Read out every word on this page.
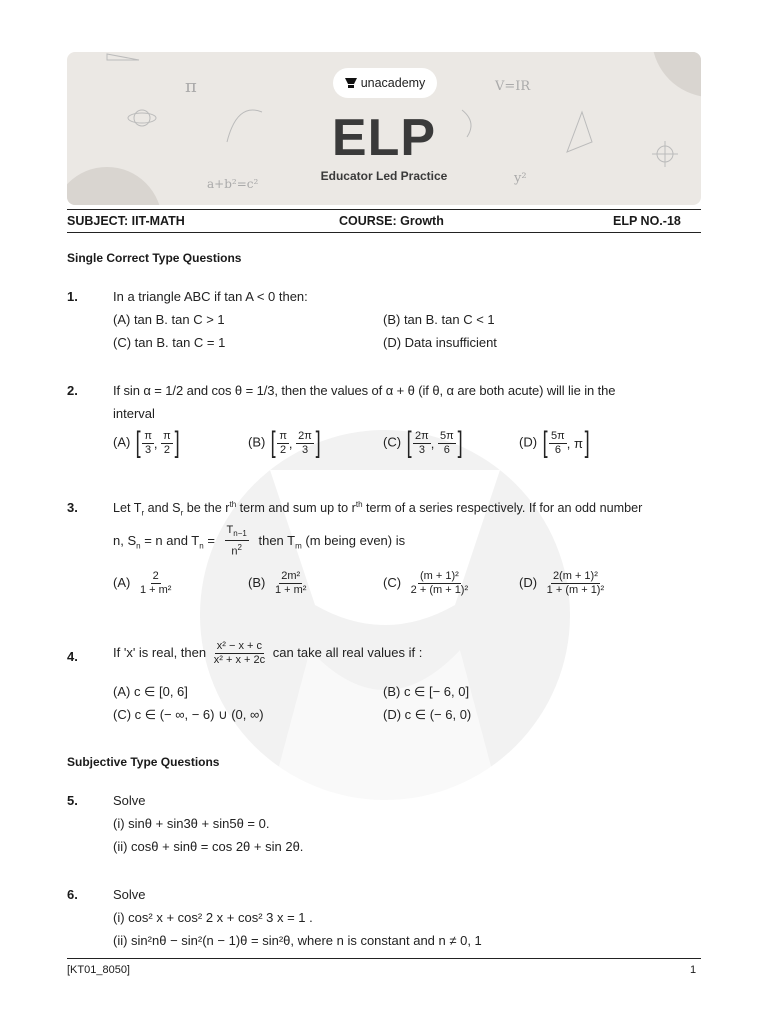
π	V=IR
a+b²=c²	y²
unacademy
ELP
Educator Led Practice
SUBJECT: IIT-MATH	COURSE: Growth	ELP NO.-18
Single Correct Type Questions
1.	In a triangle ABC if tan A < 0 then:
(A) tan B. tan C > 1	(B) tan B. tan C < 1
(C) tan B. tan C = 1	(D) Data insufficient
2.	If sin α = 1/2 and cos θ = 1/3, then the values of α + θ (if θ, α are both acute) will lie in the
interval
(A) [ $\frac{\pi}{3}$ , $\frac{\pi}{2}$ ]	(B) [ $\frac{\pi}{2}$ , $\frac{2\pi}{3}$ ]	(C) [ $\frac{2\pi}{3}$ , $\frac{5\pi}{6}$ ]	(D) [ $\frac{5\pi}{6}$ , π ]
3.	Let $T_r$ and $S_r$ be the $r^{th}$ term and sum up to $r^{th}$ term of a series respectively. If for an odd number
n, $S_n = n$ and $T_n = \frac{T_{n-1}}{n^2}$ then $T_m$ (m being even) is
$(A) \frac{2}{\text{1 + m²}}$	$(B) \frac{\text{2m²}}{\text{1 + m²}}$	$(C) \frac{\text{(m + 1)²}}{\text{2 + (m + 1)²}}$	$(D) \frac{\text{2(m + 1)²}}{\text{1 + (m + 1)²}}$
4.	If 'x' is real, then $\frac{\text{x² − x + c}}{\text{x² + x + 2c}}$ can take all real values if :
(A) c ∈ [0, 6]	(B) c ∈ [− 6, 0]
(C) c ∈ (− ∞, − 6) ∪ (0, ∞)	(D) c ∈ (− 6, 0)
Subjective Type Questions
5.	Solve
(i) sinθ + sin3θ + sin5θ = 0.
(ii) cosθ + sinθ = cos 2θ + sin 2θ.
6.	Solve
(i) cos² x + cos² 2 x + cos² 3 x = 1 .
(ii) sin²nθ − sin²(n − 1)θ = sin²θ, where n is constant and n ≠ 0, 1
[KT01_8050]	1
